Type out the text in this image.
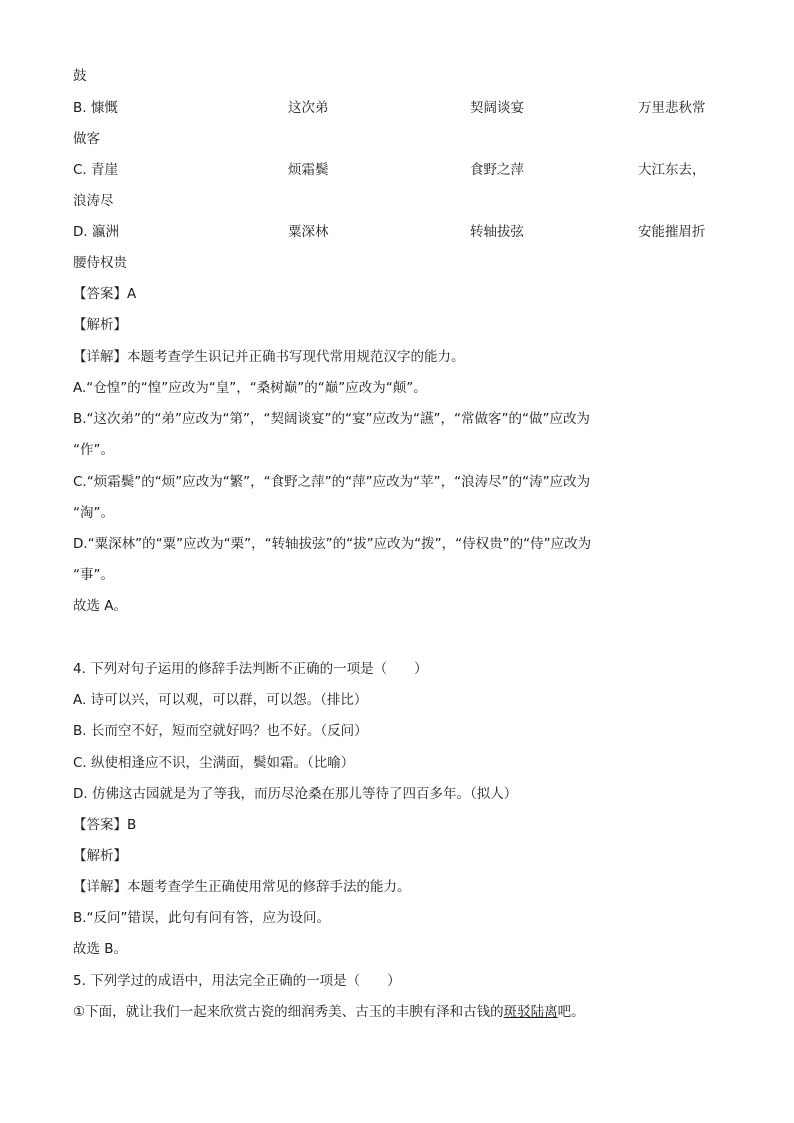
鼓
B. 慷慨	这次弟	契阔谈宴	万里悲秋常
做客
C. 青崖	烦霜鬓	食野之萍	大江东去，
浪涛尽
D. 瀛洲	粟深林	转轴拔弦	安能摧眉折
腰侍权贵
【答案】A
【解析】
【详解】本题考查学生识记并正确书写现代常用规范汉字的能力。
A.“仓惶”的“惶”应改为“皇”，“桑树巅”的“巅”应改为“颠”。
B.“这次弟”的“弟”应改为“第”，“契阔谈宴”的“宴”应改为“讌”，“常做客”的“做”应改为
“作”。
C.“烦霜鬓”的“烦”应改为“繁”，“食野之萍”的“萍”应改为“苹”，“浪涛尽”的“涛”应改为
“淘”。
D.“粟深林”的“粟”应改为“栗”，“转轴拔弦”的“拔”应改为“拨”，“侍权贵”的“侍”应改为
“事”。
故选 A。
4. 下列对句子运用的修辞手法判断不正确的一项是（　　）
A. 诗可以兴，可以观，可以群，可以怨。（排比）
B. 长而空不好，短而空就好吗？也不好。（反问）
C. 纵使相逢应不识，尘满面，鬓如霜。（比喻）
D. 仿佛这古园就是为了等我，而历尽沧桑在那儿等待了四百多年。（拟人）
【答案】B
【解析】
【详解】本题考查学生正确使用常见的修辞手法的能力。
B.“反问”错误，此句有问有答，应为设问。
故选 B。
5. 下列学过的成语中，用法完全正确的一项是（　　）
①下面，就让我们一起来欣赏古瓷的细润秀美、古玉的丰腴有泽和古钱的斑驳陆离吧。
